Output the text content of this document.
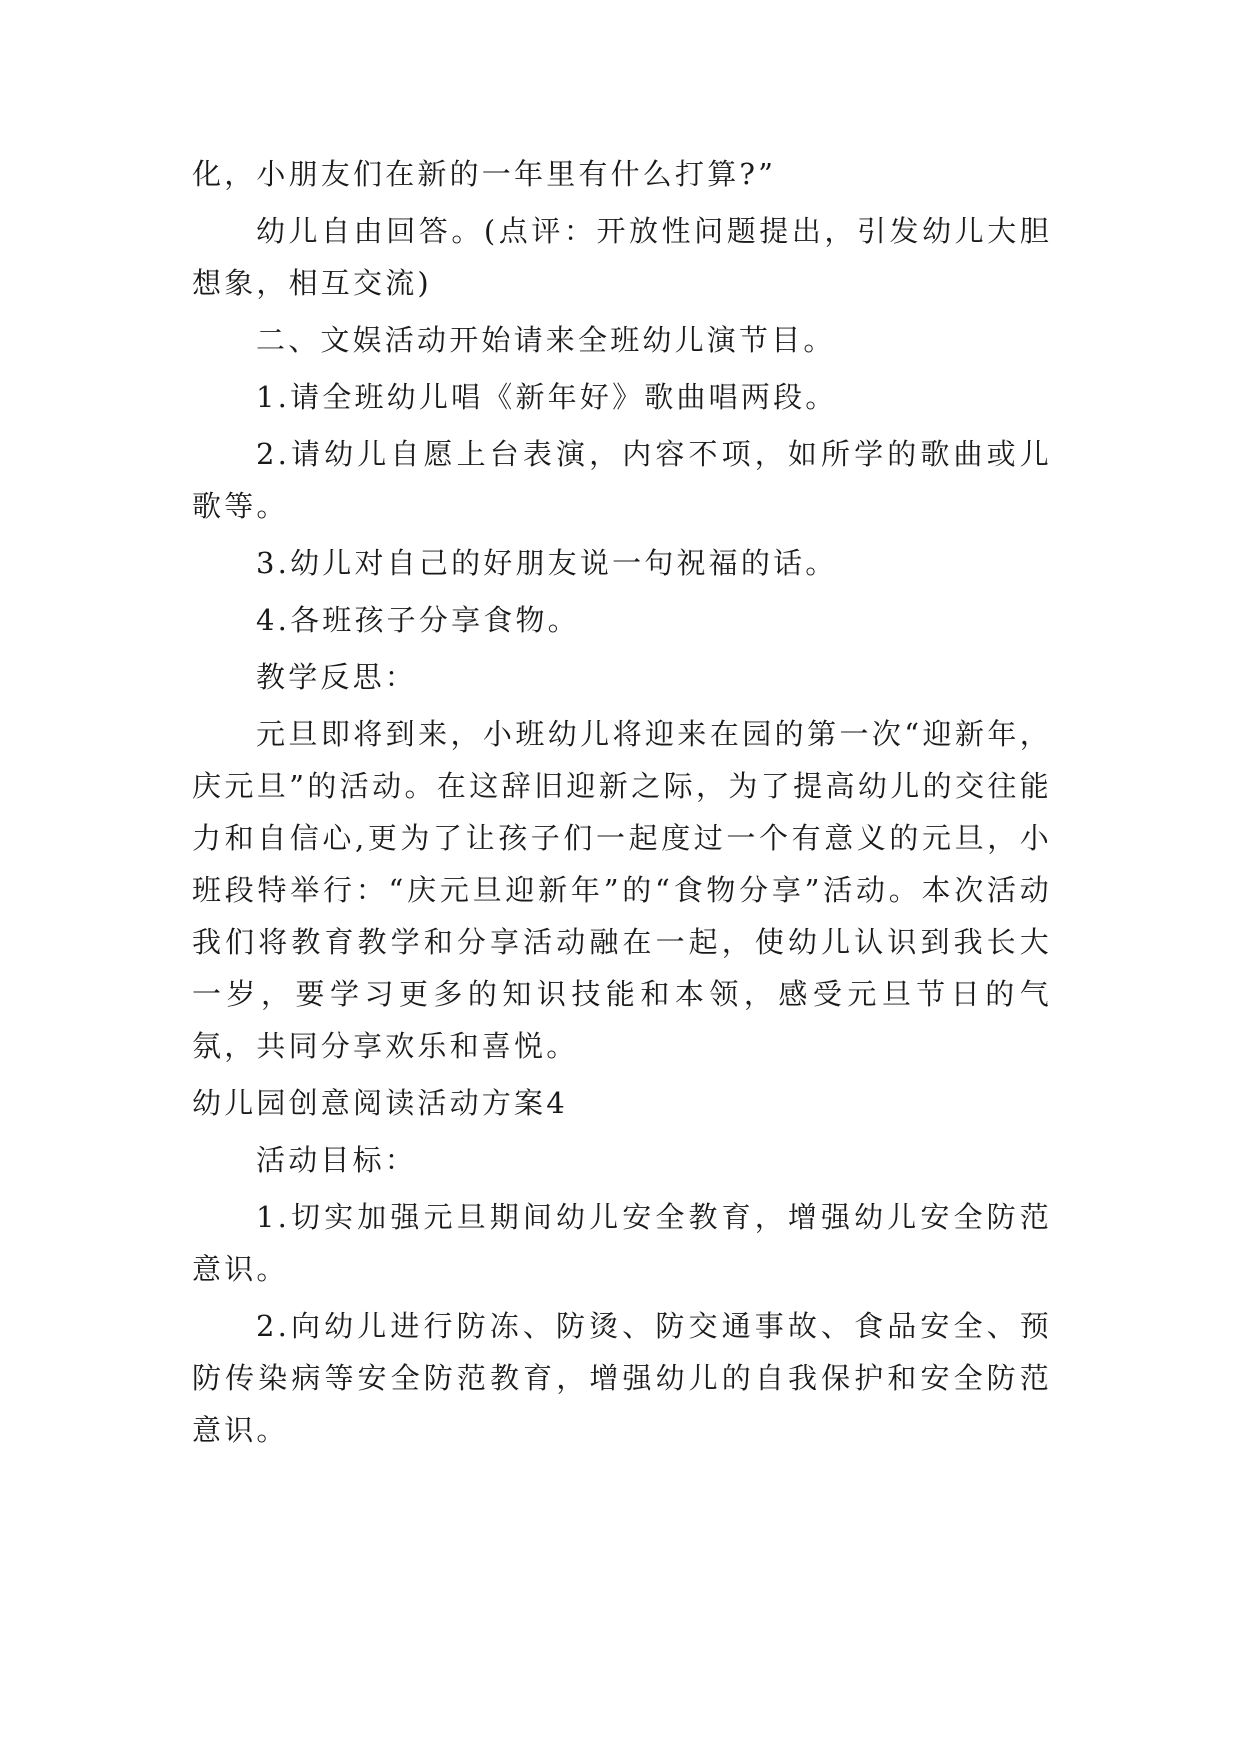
化，小朋友们在新的一年里有什么打算?”

幼儿自由回答。(点评：开放性问题提出，引发幼儿大胆想象，相互交流)

二、文娱活动开始请来全班幼儿演节目。

1.请全班幼儿唱《新年好》歌曲唱两段。

2.请幼儿自愿上台表演，内容不项，如所学的歌曲或儿歌等。

3.幼儿对自己的好朋友说一句祝福的话。

4.各班孩子分享食物。

教学反思：

元旦即将到来，小班幼儿将迎来在园的第一次“迎新年，庆元旦”的活动。在这辞旧迎新之际，为了提高幼儿的交往能力和自信心,更为了让孩子们一起度过一个有意义的元旦，小班段特举行：“庆元旦迎新年”的“食物分享”活动。本次活动我们将教育教学和分享活动融在一起，使幼儿认识到我长大一岁，要学习更多的知识技能和本领，感受元旦节日的气氛，共同分享欢乐和喜悦。

幼儿园创意阅读活动方案4

活动目标：

1.切实加强元旦期间幼儿安全教育，增强幼儿安全防范意识。

2.向幼儿进行防冻、防烫、防交通事故、食品安全、预防传染病等安全防范教育，增强幼儿的自我保护和安全防范意识。
